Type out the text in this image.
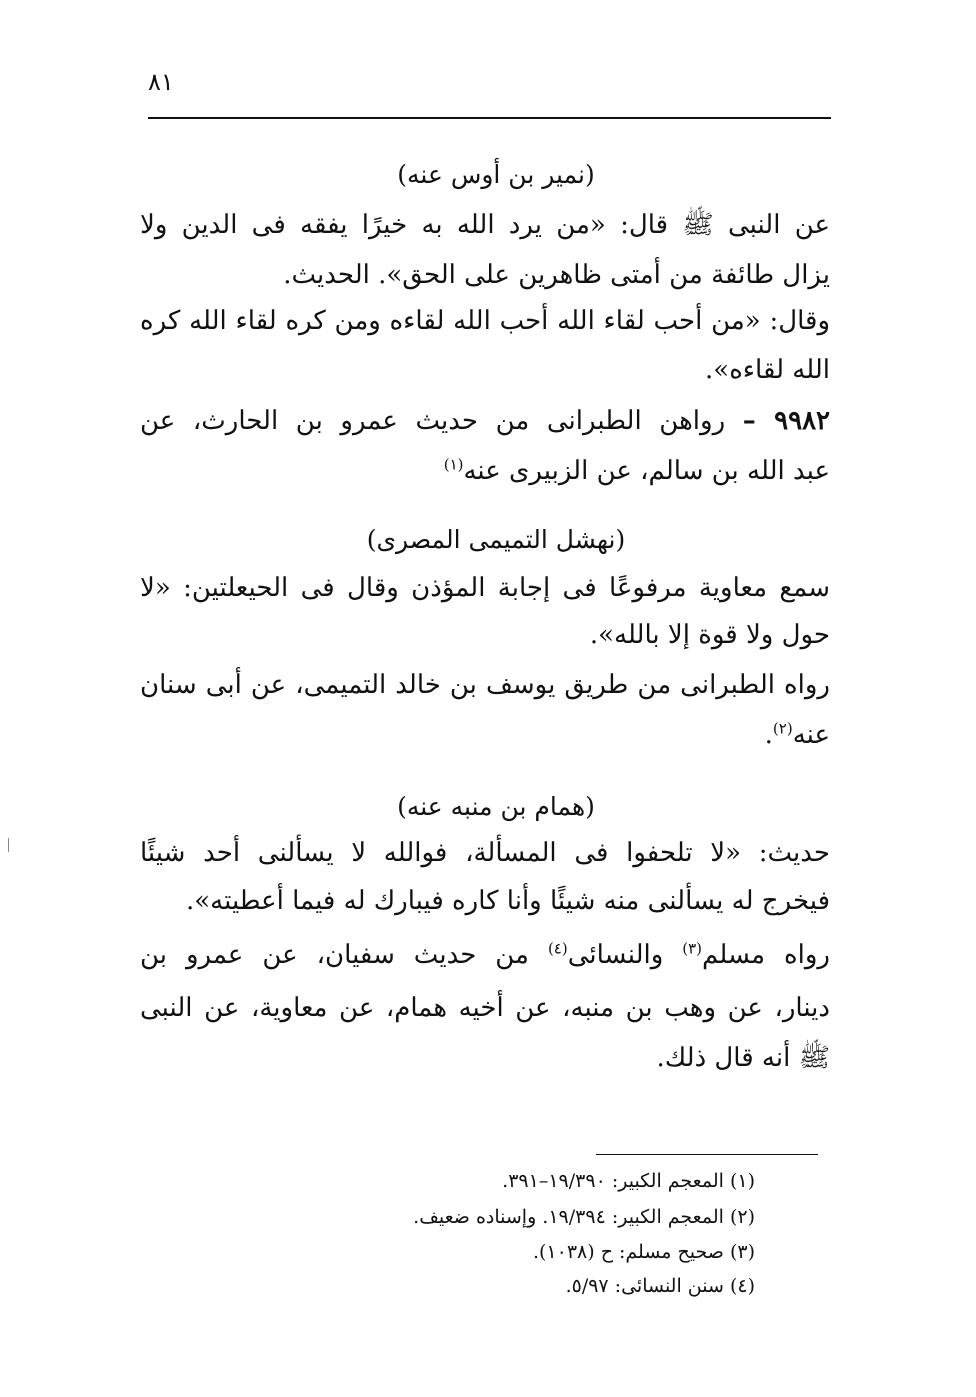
٨١
(نمير بن أوس عنه)
عن النبى ﷺ قال: «من يرد الله به خيرًا يفقه فى الدين ولا
يزال طائفة من أمتى ظاهرين على الحق». الحديث.
وقال: «من أحب لقاء الله أحب الله لقاءه ومن كره لقاء الله كره
الله لقاءه».
٩٩٨٢ – رواهن الطبرانى من حديث عمرو بن الحارث، عن
عبد الله بن سالم، عن الزبيرى عنه$^{(١)}$
(نهشل التميمى المصرى)
سمع معاوية مرفوعًا فى إجابة المؤذن وقال فى الحيعلتين: «لا
حول ولا قوة إلا بالله».
رواه الطبرانى من طريق يوسف بن خالد التميمى، عن أبى سنان
عنه$^{(٢)}$.
(همام بن منبه عنه)
حديث: «لا تلحفوا فى المسألة، فوالله لا يسألنى أحد شيئًا
فيخرج له يسألنى منه شيئًا وأنا كاره فيبارك له فيما أعطيته».
رواه مسلم$^{(٣)}$ والنسائى$^{(٤)}$ من حديث سفيان، عن عمرو بن
دينار، عن وهب بن منبه، عن أخيه همام، عن معاوية، عن النبى
ﷺ أنه قال ذلك.
(١) المعجم الكبير: ١٩/٣٩٠–٣٩١.
(٢) المعجم الكبير: ١٩/٣٩٤. وإسناده ضعيف.
(٣) صحيح مسلم: ح (١٠٣٨).
(٤) سنن النسائى: ٥/٩٧.
